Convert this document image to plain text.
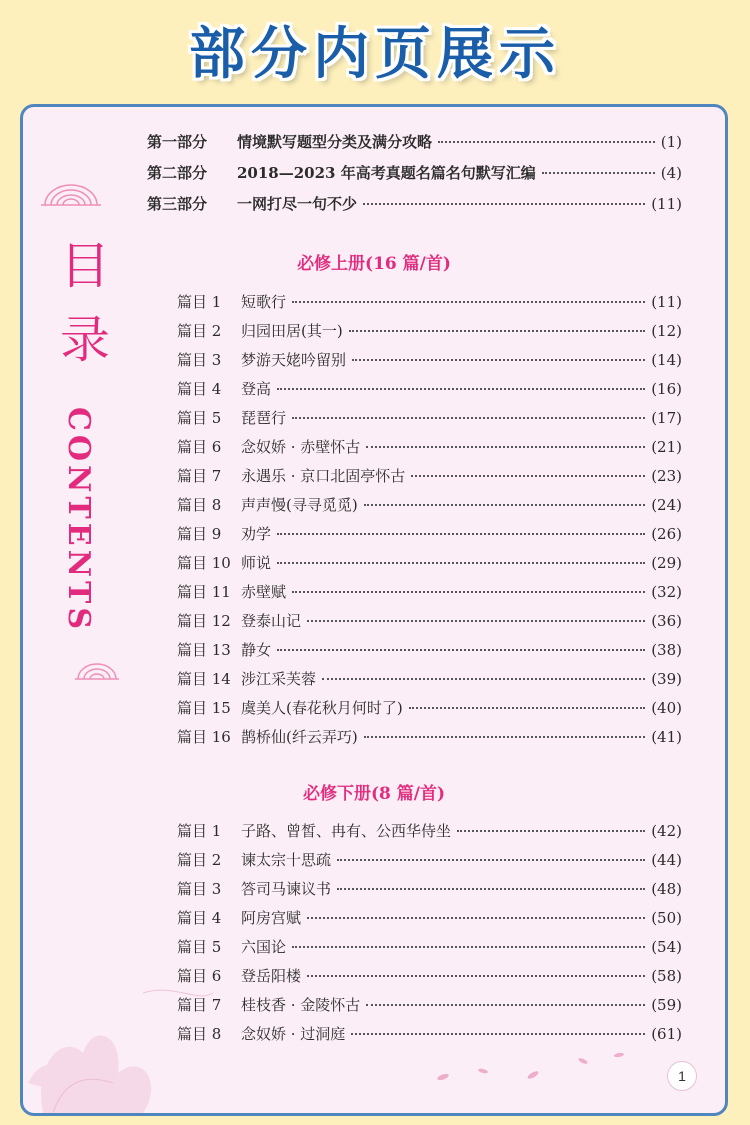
部分内页展示
目
录
CONTENTS
第一部分	情境默写题型分类及满分攻略	(1)
第二部分	2018—2023 年高考真题名篇名句默写汇编	(4)
第三部分	一网打尽一句不少	(11)
必修上册(16 篇/首)
篇目 1	短歌行	(11)
篇目 2	归园田居(其一)	(12)
篇目 3	梦游天姥吟留别	(14)
篇目 4	登高	(16)
篇目 5	琵琶行	(17)
篇目 6	念奴娇 · 赤壁怀古	(21)
篇目 7	永遇乐 · 京口北固亭怀古	(23)
篇目 8	声声慢(寻寻觅觅)	(24)
篇目 9	劝学	(26)
篇目 10 师说	(29)
篇目 11 赤壁赋	(32)
篇目 12 登泰山记	(36)
篇目 13 静女	(38)
篇目 14 涉江采芙蓉	(39)
篇目 15 虞美人(春花秋月何时了)	(40)
篇目 16 鹊桥仙(纤云弄巧)	(41)
必修下册(8 篇/首)
篇目 1	子路、曾皙、冉有、公西华侍坐	(42)
篇目 2	谏太宗十思疏	(44)
篇目 3	答司马谏议书	(48)
篇目 4	阿房宫赋	(50)
篇目 5	六国论	(54)
篇目 6	登岳阳楼	(58)
篇目 7	桂枝香 · 金陵怀古	(59)
篇目 8	念奴娇 · 过洞庭	(61)
1
